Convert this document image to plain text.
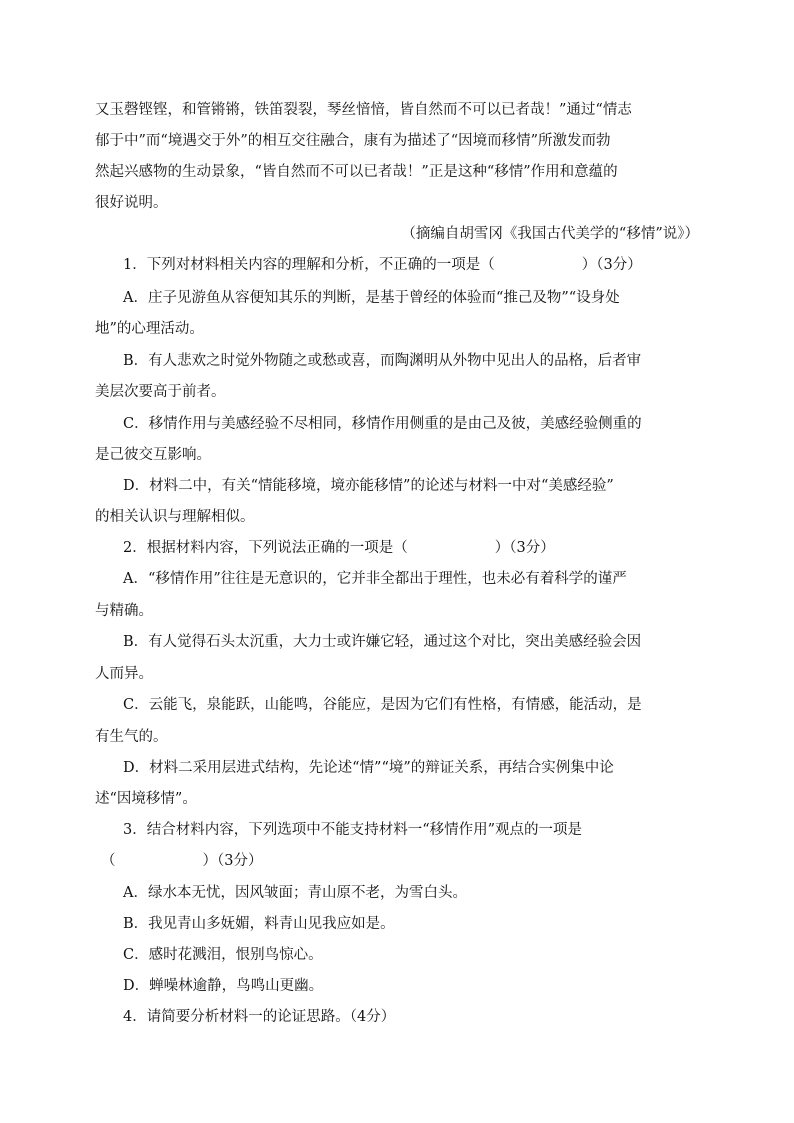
又玉磬铿铿，和管锵锵，铁笛裂裂，琴丝愔愔，皆自然而不可以已者哉！”通过“情志
郁于中”而“境遇交于外”的相互交往融合，康有为描述了“因境而移情”所激发而勃
然起兴感物的生动景象，“皆自然而不可以已者哉！”正是这种“移情”作用和意蕴的
很好说明。
（摘编自胡雪冈《我国古代美学的“移情”说》）
1．下列对材料相关内容的理解和分析，不正确的一项是（　　　　　　）（3分）
A．庄子见游鱼从容便知其乐的判断，是基于曾经的体验而“推己及物”“设身处
地”的心理活动。
B．有人悲欢之时觉外物随之或愁或喜，而陶渊明从外物中见出人的品格，后者审
美层次要高于前者。
C．移情作用与美感经验不尽相同，移情作用侧重的是由己及彼，美感经验侧重的
是己彼交互影响。
D．材料二中，有关“情能移境，境亦能移情”的论述与材料一中对“美感经验”
的相关认识与理解相似。
2．根据材料内容，下列说法正确的一项是（　　　　　　）（3分）
A．“移情作用”往往是无意识的，它并非全都出于理性，也未必有着科学的谨严
与精确。
B．有人觉得石头太沉重，大力士或许嫌它轻，通过这个对比，突出美感经验会因
人而异。
C．云能飞，泉能跃，山能鸣，谷能应，是因为它们有性格，有情感，能活动，是
有生气的。
D．材料二采用层进式结构，先论述“情”“境”的辩证关系，再结合实例集中论
述“因境移情”。
3．结合材料内容，下列选项中不能支持材料一“移情作用”观点的一项是
（　　　　　　）（3分）
A．绿水本无忧，因风皱面；青山原不老，为雪白头。
B．我见青山多妩媚，料青山见我应如是。
C．感时花溅泪，恨别鸟惊心。
D．蝉噪林逾静，鸟鸣山更幽。
4．请简要分析材料一的论证思路。（4分）
